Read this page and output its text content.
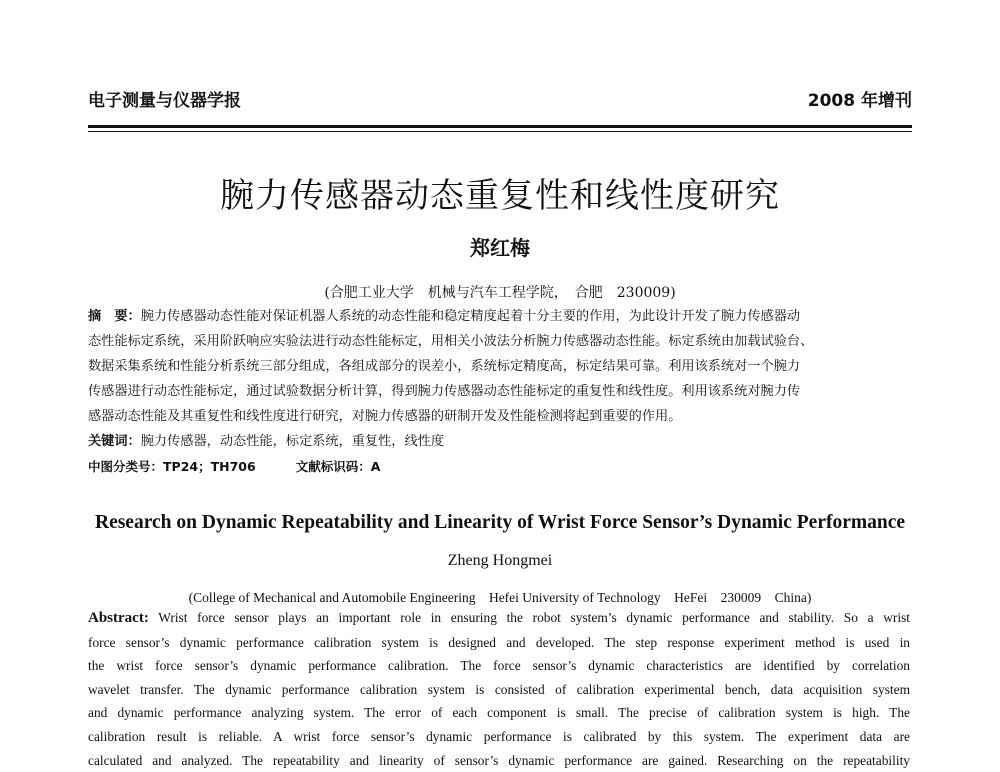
电子测量与仪器学报	2008 年增刊
腕力传感器动态重复性和线性度研究
郑红梅
(合肥工业大学　机械与汽车工程学院，　合肥　230009)
摘　要：腕力传感器动态性能对保证机器人系统的动态性能和稳定精度起着十分主要的作用，为此设计开发了腕力传感器动
态性能标定系统，采用阶跃响应实验法进行动态性能标定，用相关小波法分析腕力传感器动态性能。标定系统由加载试验台、
数据采集系统和性能分析系统三部分组成，各组成部分的误差小，系统标定精度高，标定结果可靠。利用该系统对一个腕力
传感器进行动态性能标定，通过试验数据分析计算，得到腕力传感器动态性能标定的重复性和线性度。利用该系统对腕力传
感器动态性能及其重复性和线性度进行研究，对腕力传感器的研制开发及性能检测将起到重要的作用。
关键词：腕力传感器，动态性能，标定系统，重复性，线性度
中图分类号：TP24；TH706	文献标识码：A
Research on Dynamic Repeatability and Linearity of Wrist Force Sensor’s Dynamic Performance
Zheng Hongmei
(College of Mechanical and Automobile Engineering　Hefei University of Technology　HeFei　230009　China)
Abstract: Wrist force sensor plays an important role in ensuring the robot system’s dynamic performance and stability. So a wrist
force sensor’s dynamic performance calibration system is designed and developed. The step response experiment method is used in
the wrist force sensor’s dynamic performance calibration. The force sensor’s dynamic characteristics are identified by correlation
wavelet transfer. The dynamic performance calibration system is consisted of calibration experimental bench, data acquisition system
and dynamic performance analyzing system. The error of each component is small. The precise of calibration system is high. The
calibration result is reliable. A wrist force sensor’s dynamic performance is calibrated by this system. The experiment data are
calculated and analyzed. The repeatability and linearity of sensor’s dynamic performance are gained. Researching on the repeatability
